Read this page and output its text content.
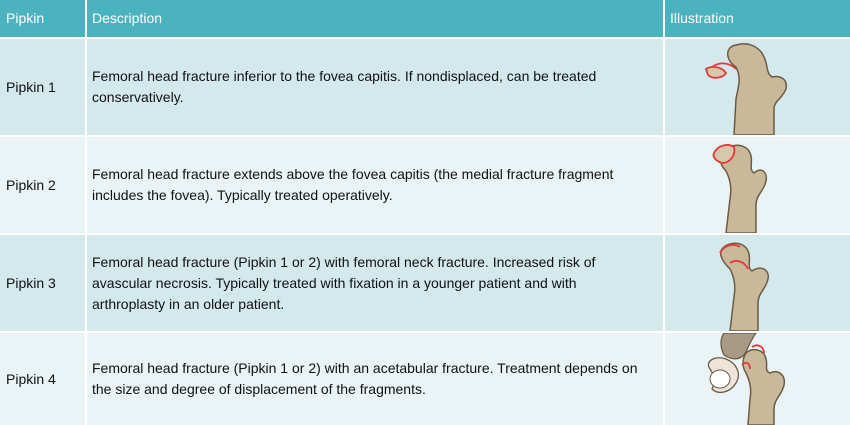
Pipkin	Description	Illustration
Pipkin 1
Femoral head fracture inferior to the fovea capitis. If nondisplaced, can be treated conservatively.
Pipkin 2
Femoral head fracture extends above the fovea capitis (the medial fracture fragment includes the fovea). Typically treated operatively.
Pipkin 3
Femoral head fracture (Pipkin 1 or 2) with femoral neck fracture. Increased risk of avascular necrosis. Typically treated with fixation in a younger patient and with arthroplasty in an older patient.
Pipkin 4
Femoral head fracture (Pipkin 1 or 2) with an acetabular fracture. Treatment depends on the size and degree of displacement of the fragments.
